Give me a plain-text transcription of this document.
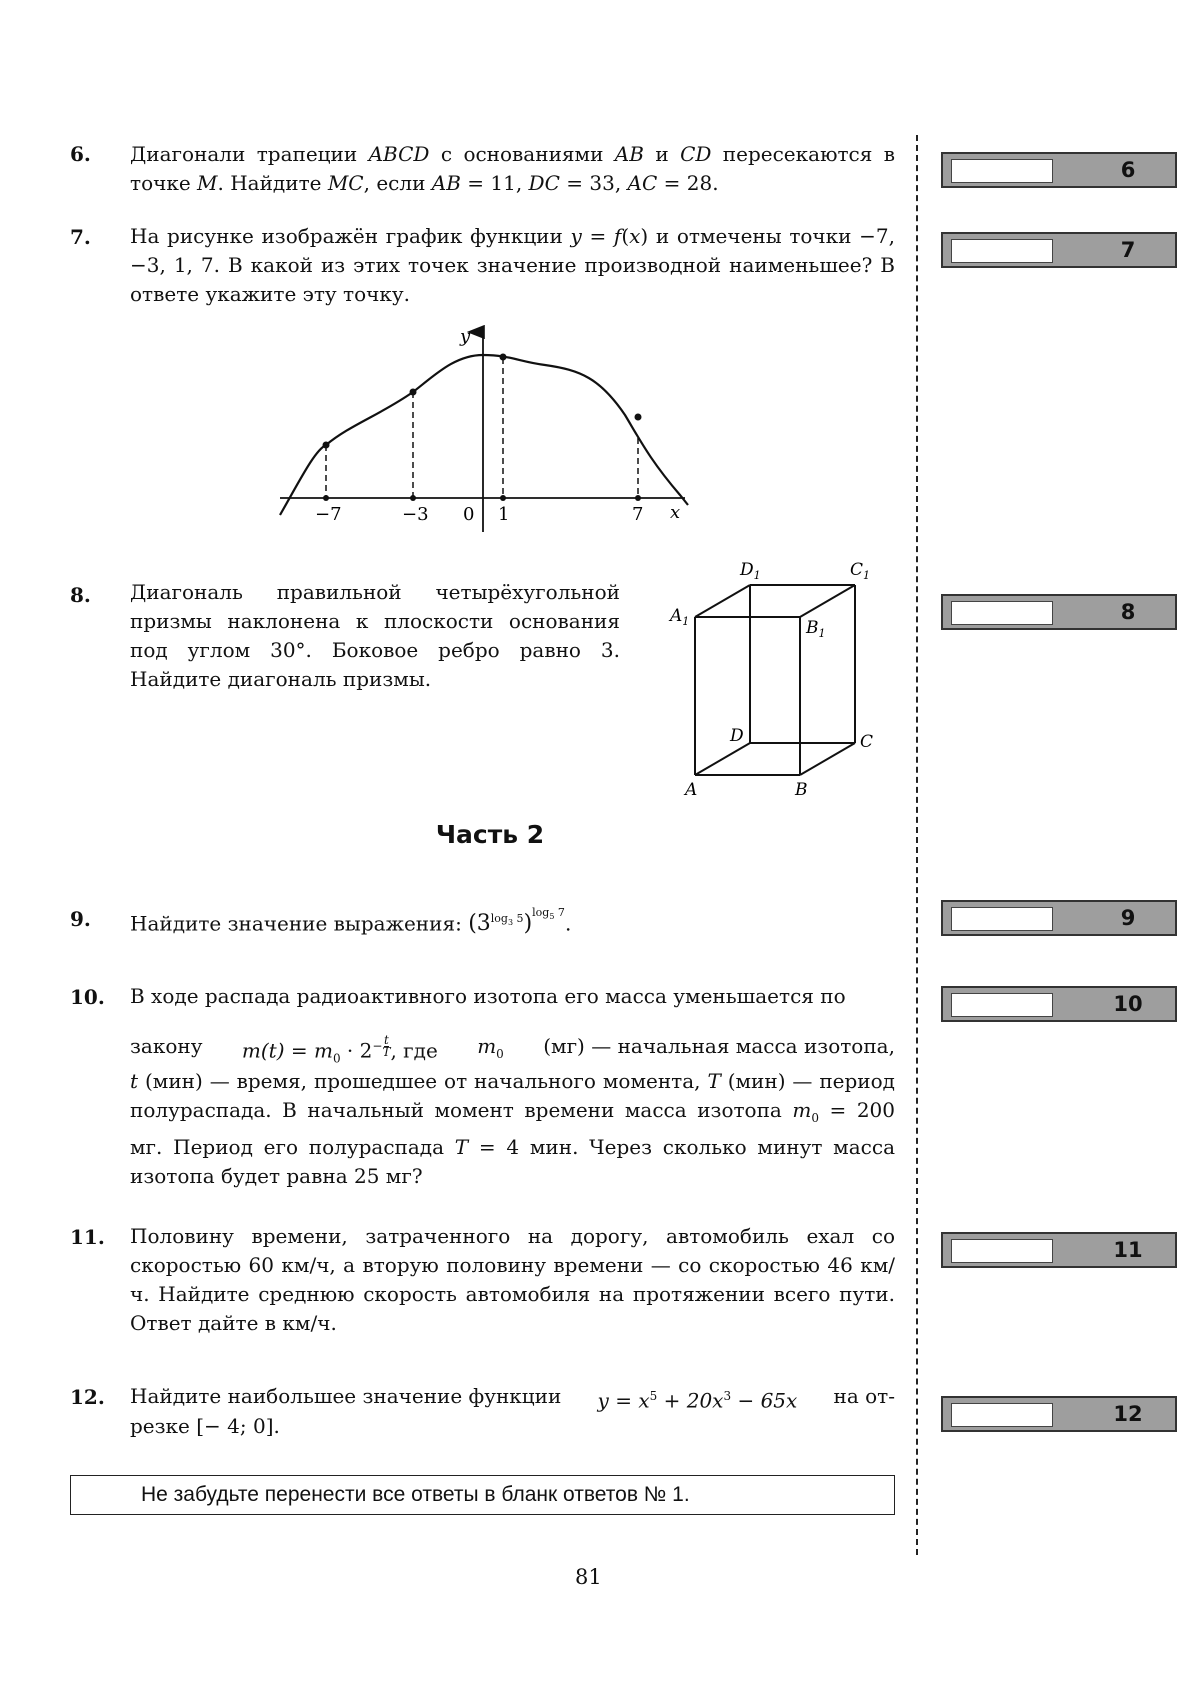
6. Диагонали трапеции ABCD с основаниями AB и CD пересекаются в точке M. Найдите MC, если AB = 11, DC = 33, AC = 28.
7. На рисунке изображён график функции y = f(x) и отмечены точки −7, −3, 1, 7. В какой из этих точек значение производной наименьшее? В ответе укажите эту точку.
y
x
−7	−3 0 1	7
8. Диагональ правильной четырёхугольной призмы наклонена к плоскости основания под углом 30°. Боковое ребро равно 3. Найдите диагональ призмы.
$D_1$	$C_1$
$A_1$	$B_1$
D	C
A	B
Часть 2
9. Найдите значение выражения: $(3^{log_3 5})^{log_5 7}$.
10. В ходе распада радиоактивного изотопа его масса уменьшается по
закону $m(t) = m_0 \cdot 2^{- \frac{t}{T}}$ , где $m_0$ (мг) — начальная масса изотопа,
t (мин) — время, прошедшее от начального момента, T (мин) — период полураспада. В начальный момент времени масса изотопа $m_0 = 200$ мг. Период его полураспада T = 4 мин. Через сколько минут масса изотопа будет равна 25 мг?
11. Половину времени, затраченного на дорогу, автомобиль ехал со скоростью 60 км/ч, а вторую половину времени — со скоростью 46 км/ч. Найдите среднюю скорость автомобиля на протяжении всего пути. Ответ дайте в км/ч.
12. Найдите наибольшее значение функции $y = x^5 + 20x^3 - 65x$ на от-
резке [− 4; 0].
Не забудьте перенести все ответы в бланк ответов № 1.
81
6
7
8
9
10
11
12
